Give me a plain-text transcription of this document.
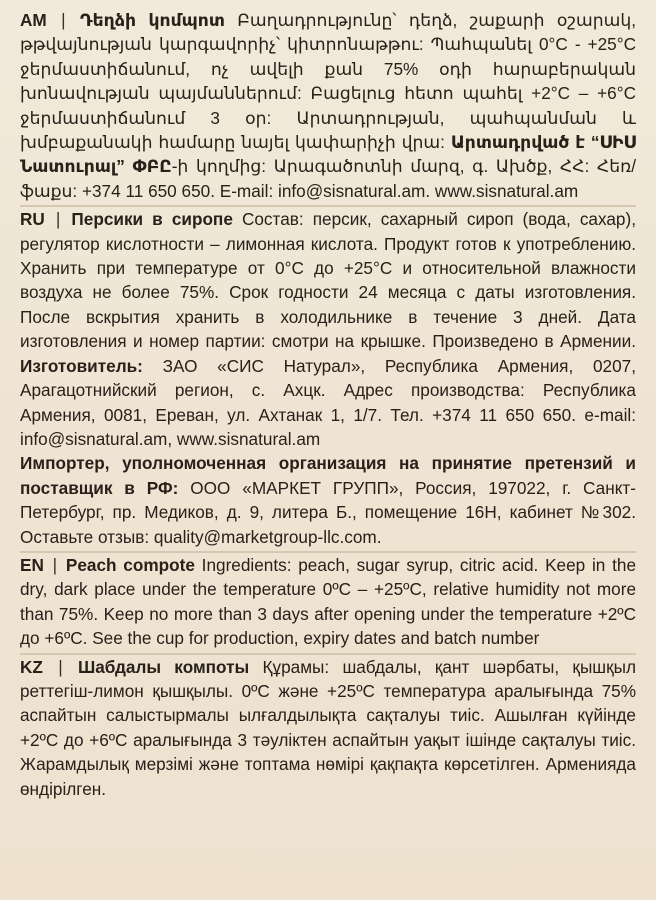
AM | Դեղձի կոմպոտ Բաղադրությունը՝ դեղձ, շաքարի օշարակ, թթվայնության կարգավորիչ՝ կիտրոնաթթու: Պահպանել 0°C - +25°C ջերմաստիճանում, ոչ ավելի քան 75% օդի հարաբերական խոնավության պայմաններում: Բացելուց հետո պահել +2°C – +6°C ջերմաստիճանում 3 օր: Արտադրության, պահպանման և խմբաքանակի համարը նայել կափարիչի վրա: Արտադրված է “ՍԻՍ Նատուրալ” ՓԲԸ-ի կողմից: Արագածոտնի մարզ, գ. Ախծք, ՀՀ: Հեռ/ֆաքս: +374 11 650 650. E-mail: info@sisnatural.am. www.sisnatural.am

RU | Персики в сиропе Состав: персик, сахарный сироп (вода, сахар), регулятор кислотности – лимонная кислота. Продукт готов к употреблению. Хранить при температуре от 0°C до +25°C и относительной влажности воздуха не более 75%. Срок годности 24 месяца с даты изготовления. После вскрытия хранить в холодильнике в течение 3 дней. Дата изготовления и номер партии: смотри на крышке. Произведено в Армении. Изготовитель: ЗАО «СИС Натурал», Республика Армения, 0207, Арагацотнийский регион, с. Ахцк. Адрес производства: Республика Армения, 0081, Ереван, ул. Ахтанак 1, 1/7. Тел. +374 11 650 650. e-mail: info@sisnatural.am, www.sisnatural.am

Импортер, уполномоченная организация на принятие претензий и поставщик в РФ: ООО «МАРКЕТ ГРУПП», Россия, 197022, г. Санкт-Петербург, пр. Медиков, д. 9, литера Б., помещение 16Н, кабинет №302. Оставьте отзыв: quality@marketgroup-llc.com.

EN | Peach compote Ingredients: peach, sugar syrup, citric acid. Keep in the dry, dark place under the temperature 0ºC – +25ºC, relative humidity not more than 75%. Keep no more than 3 days after opening under the temperature +2ºC до +6ºC. See the cup for production, expiry dates and batch number

KZ | Шабдалы компоты Құрамы: шабдалы, қант шәрбаты, қышқыл реттегіш-лимон қышқылы. 0ºC және +25ºC температура аралығында 75% аспайтын салыстырмалы ылғалдылықта сақталуы тиіс. Ашылған күйінде +2ºC до +6ºC аралығында 3 тәуліктен аспайтын уақыт ішінде сақталуы тиіс. Жарамдылық мерзімі және топтама нөмірі қақпақта көрсетілген. Арменияда өндірілген.
